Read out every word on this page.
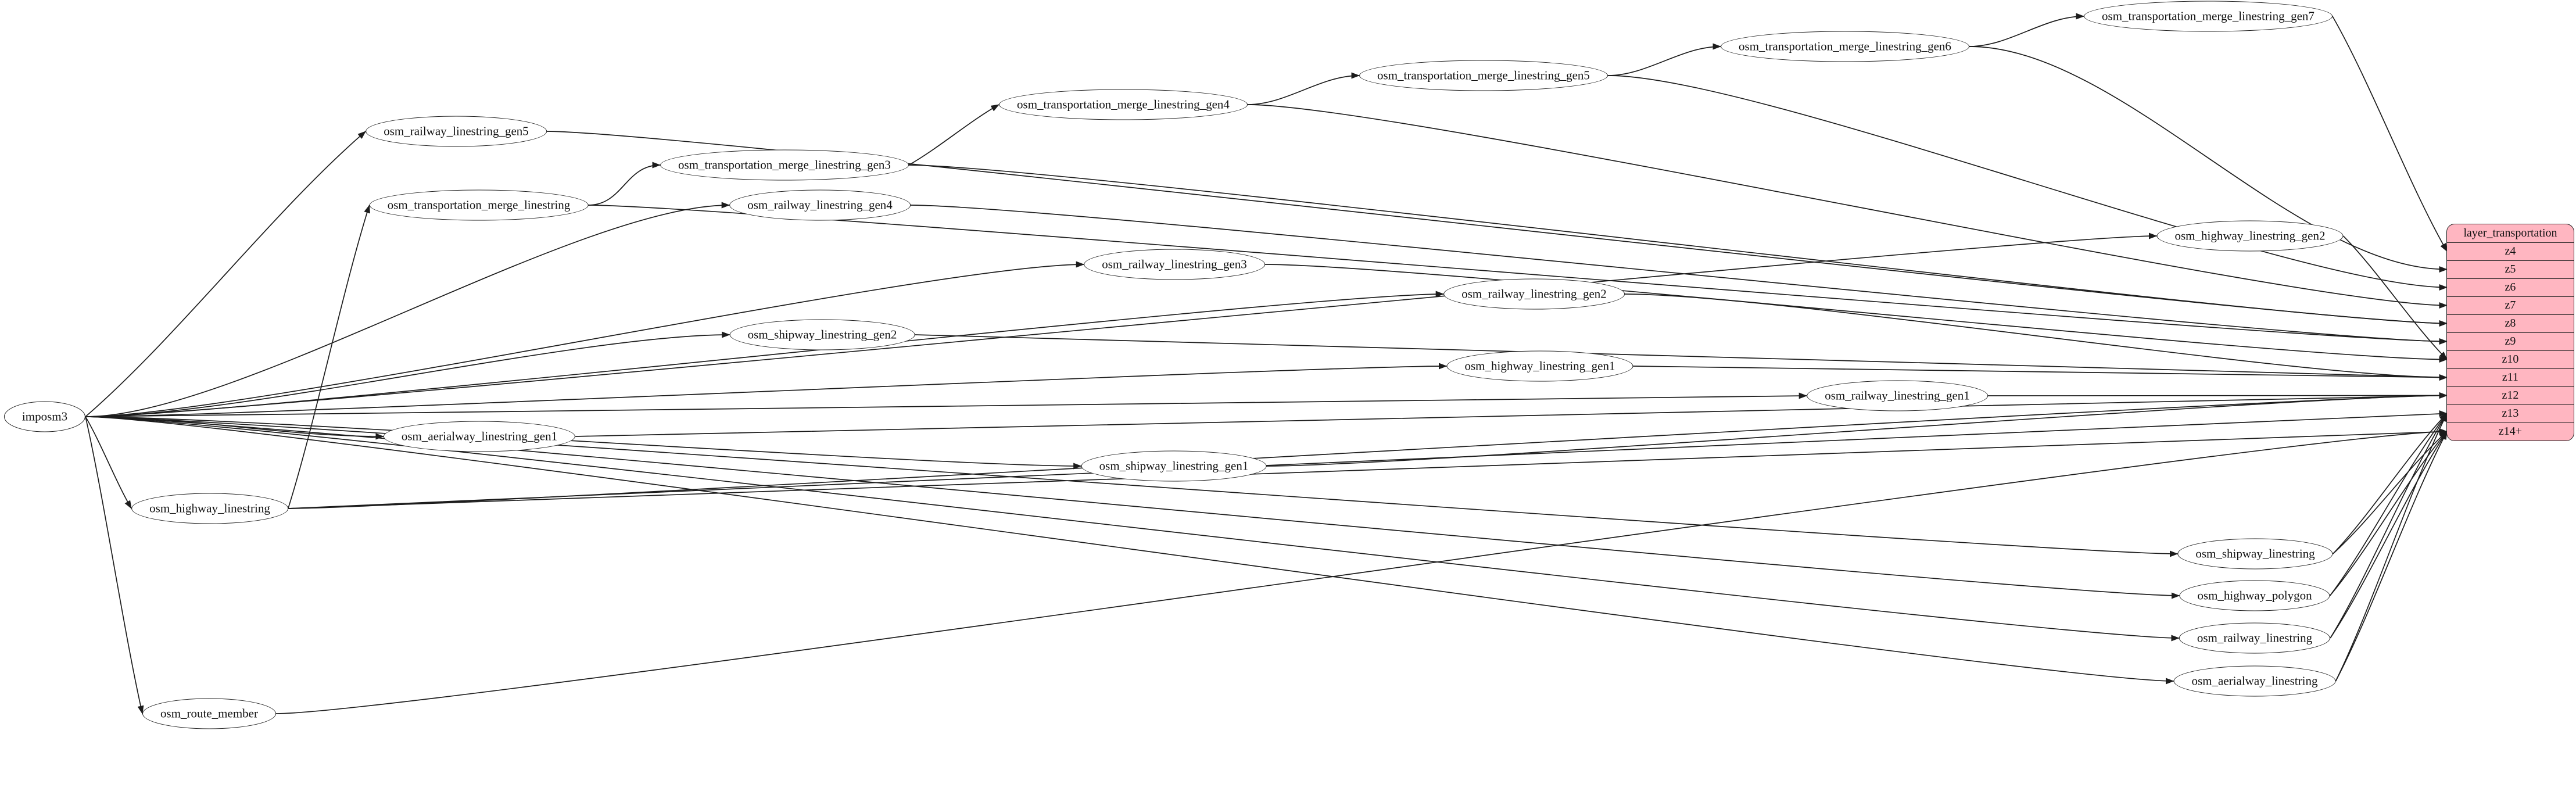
imposm3
osm_railway_linestring_gen5
osm_transportation_merge_linestring_gen3
osm_transportation_merge_linestring	osm_railway_linestring_gen4
osm_transportation_merge_linestring_gen4
osm_transportation_merge_linestring_gen5
osm_transportation_merge_linestring_gen6
osm_transportation_merge_linestring_gen7
osm_highway_linestring_gen2
osm_railway_linestring_gen3
osm_railway_linestring_gen2
osm_shipway_linestring_gen2
osm_highway_linestring_gen1
osm_railway_linestring_gen1
osm_aerialway_linestring_gen1
osm_shipway_linestring_gen1
osm_highway_linestring
osm_shipway_linestring
osm_highway_polygon
osm_railway_linestring
osm_aerialway_linestring
osm_route_member
layer_transportation
z4
z5
z6
z7
z8
z9
z10
z11
z12
z13
z14+
